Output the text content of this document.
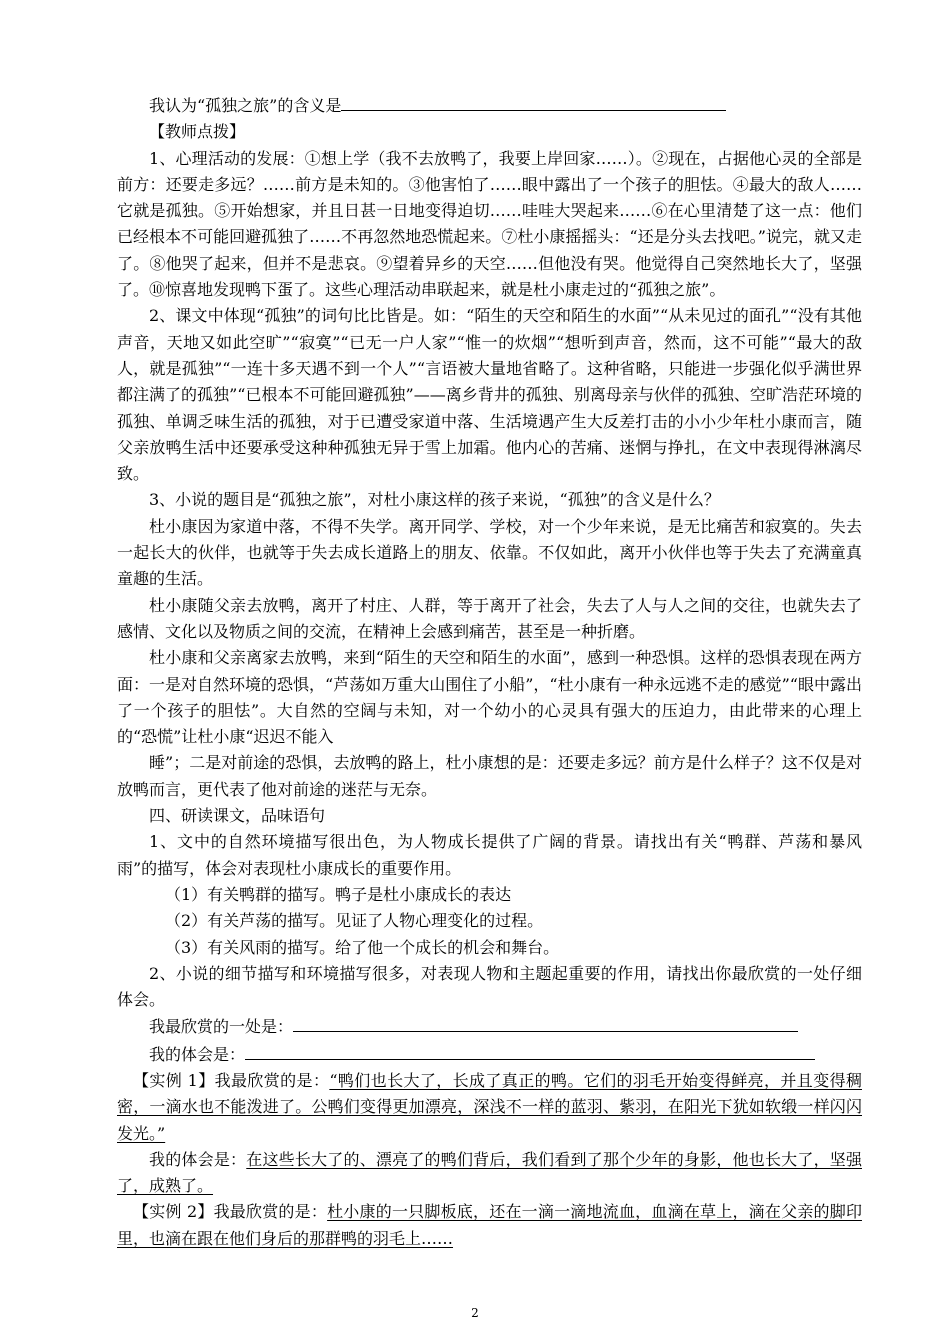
我认为“孤独之旅”的含义是

【教师点拨】

1、心理活动的发展：①想上学（我不去放鸭了，我要上岸回家……）。②现在，占据他心灵的全部是前方：还要走多远？……前方是未知的。③他害怕了……眼中露出了一个孩子的胆怯。④最大的敌人……它就是孤独。⑤开始想家，并且日甚一日地变得迫切……哇哇大哭起来……⑥在心里清楚了这一点：他们已经根本不可能回避孤独了……不再忽然地恐慌起来。⑦杜小康摇摇头：“还是分头去找吧。”说完，就又走了。⑧他哭了起来，但并不是悲哀。⑨望着异乡的天空……但他没有哭。他觉得自己突然地长大了，坚强了。⑩惊喜地发现鸭下蛋了。这些心理活动串联起来，就是杜小康走过的“孤独之旅”。

2、课文中体现“孤独”的词句比比皆是。如：“陌生的天空和陌生的水面”“从未见过的面孔”“没有其他声音，天地又如此空旷”“寂寞”“已无一户人家”“惟一的炊烟”“想听到声音，然而，这不可能”“最大的敌人，就是孤独”“一连十多天遇不到一个人”“言语被大量地省略了。这种省略，只能进一步强化似乎满世界都注满了的孤独”“已根本不可能回避孤独”——离乡背井的孤独、别离母亲与伙伴的孤独、空旷浩茫环境的孤独、单调乏味生活的孤独，对于已遭受家道中落、生活境遇产生大反差打击的小小少年杜小康而言，随父亲放鸭生活中还要承受这种种孤独无异于雪上加霜。他内心的苦痛、迷惘与挣扎，在文中表现得淋漓尽致。

3、小说的题目是“孤独之旅”，对杜小康这样的孩子来说，“孤独”的含义是什么？

杜小康因为家道中落，不得不失学。离开同学、学校，对一个少年来说，是无比痛苦和寂寞的。失去一起长大的伙伴，也就等于失去成长道路上的朋友、依靠。不仅如此，离开小伙伴也等于失去了充满童真童趣的生活。

杜小康随父亲去放鸭，离开了村庄、人群，等于离开了社会，失去了人与人之间的交往，也就失去了感情、文化以及物质之间的交流，在精神上会感到痛苦，甚至是一种折磨。

杜小康和父亲离家去放鸭，来到“陌生的天空和陌生的水面”，感到一种恐惧。这样的恐惧表现在两方面：一是对自然环境的恐惧，“芦荡如万重大山围住了小船”，“杜小康有一种永远逃不走的感觉”“眼中露出了一个孩子的胆怯”。大自然的空阔与未知，对一个幼小的心灵具有强大的压迫力，由此带来的心理上的“恐慌”让杜小康“迟迟不能入

睡”；二是对前途的恐惧，去放鸭的路上，杜小康想的是：还要走多远？前方是什么样子？这不仅是对放鸭而言，更代表了他对前途的迷茫与无奈。

四、研读课文，品味语句

1、文中的自然环境描写很出色，为人物成长提供了广阔的背景。请找出有关“鸭群、芦荡和暴风雨”的描写，体会对表现杜小康成长的重要作用。

（1）有关鸭群的描写。鸭子是杜小康成长的表达

（2）有关芦荡的描写。见证了人物心理变化的过程。

（3）有关风雨的描写。给了他一个成长的机会和舞台。

2、小说的细节描写和环境描写很多，对表现人物和主题起重要的作用，请找出你最欣赏的一处仔细体会。

我最欣赏的一处是：

我的体会是：

【实例 1】我最欣赏的是：“鸭们也长大了，长成了真正的鸭。它们的羽毛开始变得鲜亮，并且变得稠密，一滴水也不能泼进了。公鸭们变得更加漂亮，深浅不一样的蓝羽、紫羽，在阳光下犹如软缎一样闪闪发光。”

我的体会是：在这些长大了的、漂亮了的鸭们背后，我们看到了那个少年的身影，他也长大了，坚强了，成熟了。

【实例 2】我最欣赏的是：杜小康的一只脚板底，还在一滴一滴地流血，血滴在草上，滴在父亲的脚印里，也滴在跟在他们身后的那群鸭的羽毛上……

2
